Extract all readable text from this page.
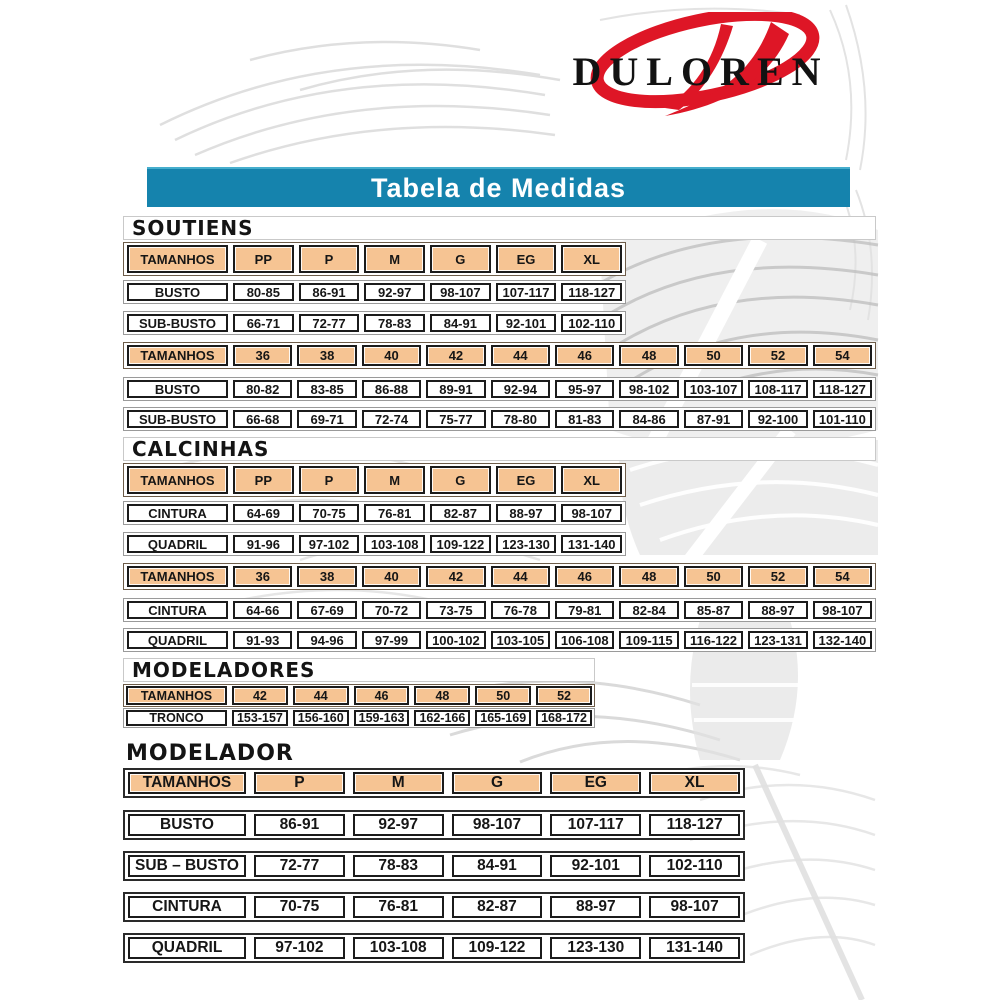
DULOREN
Tabela de Medidas
SOUTIENS
TAMANHOS	PP	P	M	G	EG	XL
BUSTO	80-85	86-91	92-97	98-107	107-117	118-127
SUB-BUSTO	66-71	72-77	78-83	84-91	92-101	102-110
TAMANHOS	36	38	40	42	44	46	48	50	52	54
BUSTO	80-82	83-85	86-88	89-91	92-94	95-97	98-102	103-107	108-117	118-127
SUB-BUSTO	66-68	69-71	72-74	75-77	78-80	81-83	84-86	87-91	92-100	101-110
CALCINHAS
TAMANHOS	PP	P	M	G	EG	XL
CINTURA	64-69	70-75	76-81	82-87	88-97	98-107
QUADRIL	91-96	97-102	103-108	109-122	123-130	131-140
TAMANHOS	36	38	40	42	44	46	48	50	52	54
CINTURA	64-66	67-69	70-72	73-75	76-78	79-81	82-84	85-87	88-97	98-107
QUADRIL	91-93	94-96	97-99	100-102	103-105	106-108	109-115	116-122	123-131	132-140
MODELADORES
TAMANHOS	42	44	46	48	50	52
TRONCO	153-157	156-160	159-163	162-166	165-169	168-172
MODELADOR
TAMANHOS	P	M	G	EG	XL
BUSTO	86-91	92-97	98-107	107-117	118-127
SUB – BUSTO	72-77	78-83	84-91	92-101	102-110
CINTURA	70-75	76-81	82-87	88-97	98-107
QUADRIL	97-102	103-108	109-122	123-130	131-140
